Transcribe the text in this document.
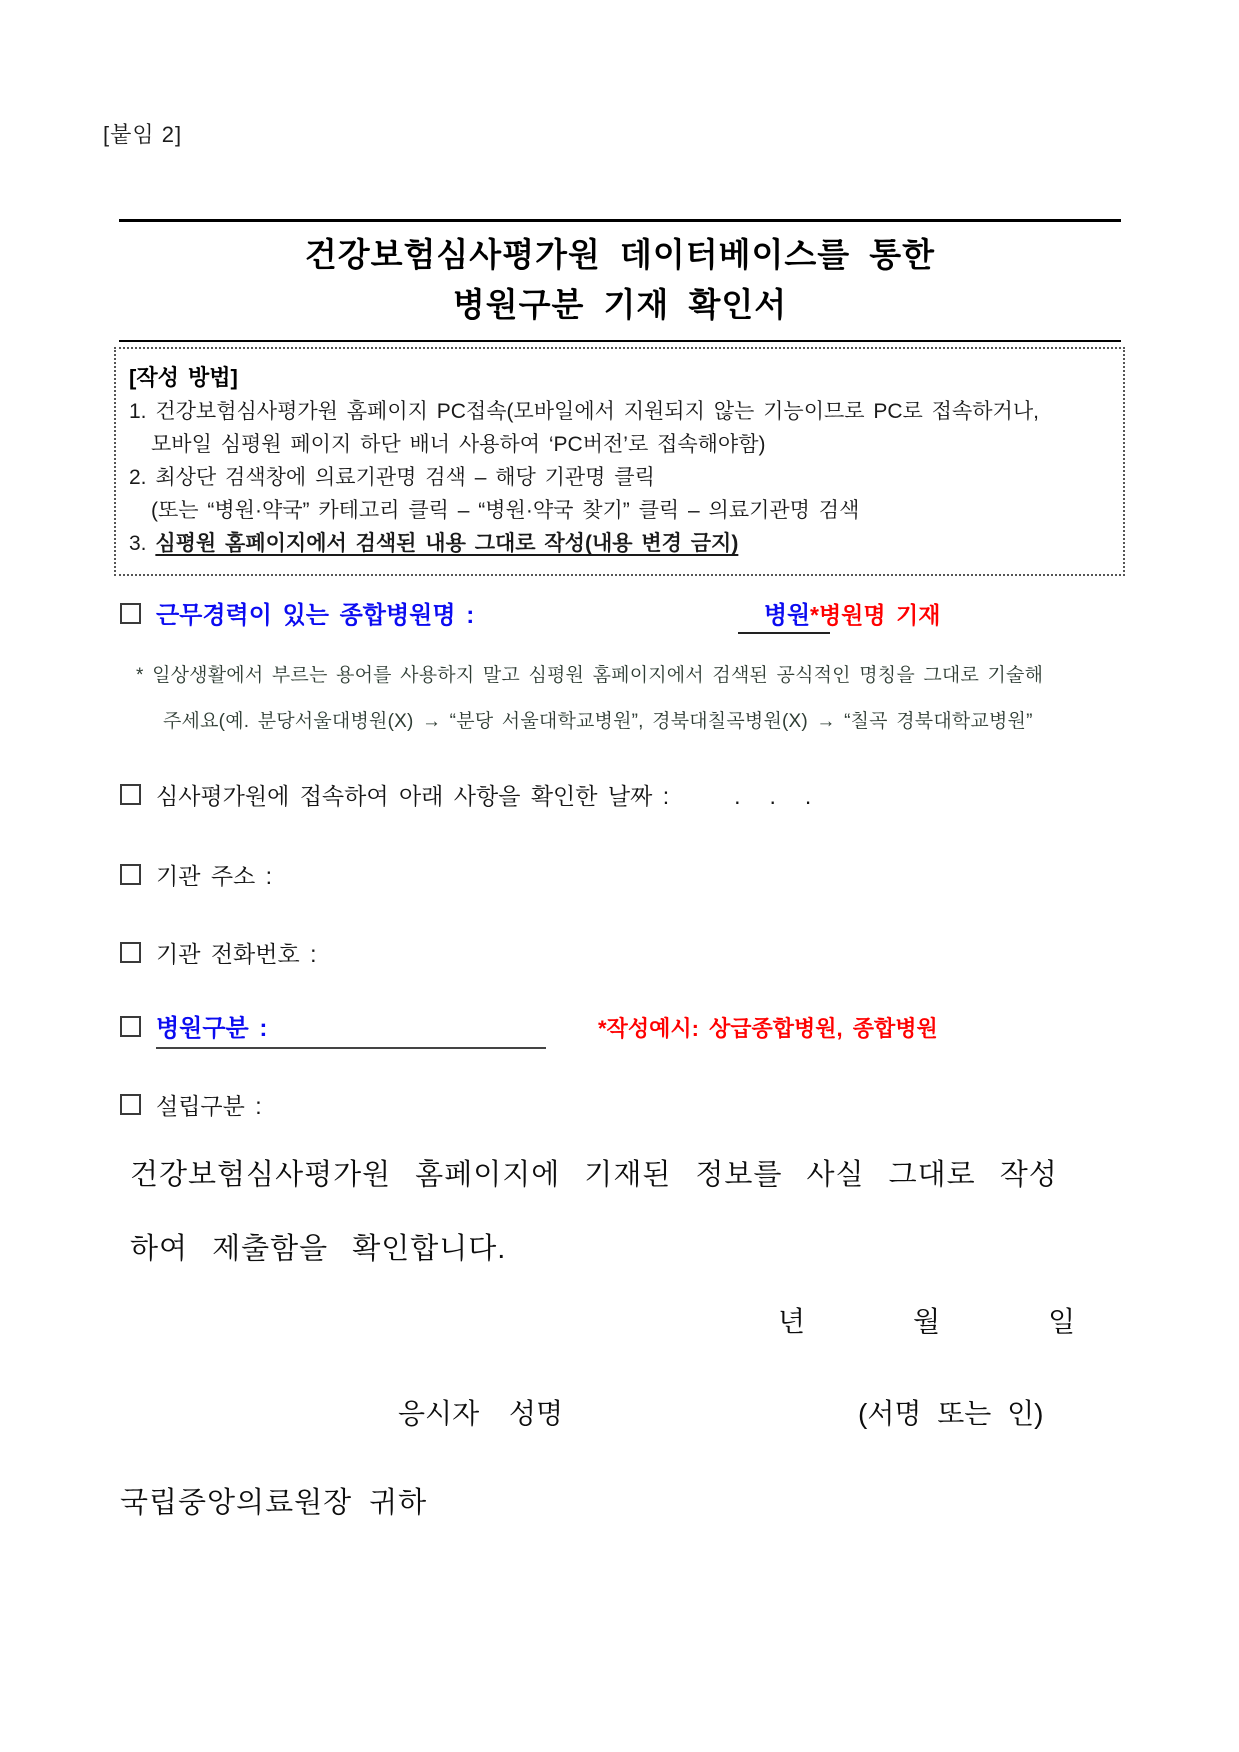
[붙임 2]
건강보험심사평가원 데이터베이스를 통한
병원구분 기재 확인서
[작성 방법]
1. 건강보험심사평가원 홈페이지 PC접속(모바일에서 지원되지 않는 기능이므로 PC로 접속하거나,
모바일 심평원 페이지 하단 배너 사용하여 ‘PC버전’로 접속해야함)
2. 최상단 검색창에 의료기관명 검색 – 해당 기관명 클릭
(또는 “병원·약국” 카테고리 클릭 – “병원·약국 찾기” 클릭 – 의료기관명 검색
3. 심평원 홈페이지에서 검색된 내용 그대로 작성(내용 변경 금지)
근무경력이 있는 종합병원명 :	병원 *병원명 기재
* 일상생활에서 부르는 용어를 사용하지 말고 심평원 홈페이지에서 검색된 공식적인 명칭을 그대로 기술해
주세요(예. 분당서울대병원(X) → “분당 서울대학교병원”, 경북대칠곡병원(X) → “칠곡 경북대학교병원”
심사평가원에 접속하여 아래 사항을 확인한 날짜 : .  .  .
기관 주소 :
기관 전화번호 :
병원구분 :	*작성예시: 상급종합병원, 종합병원
설립구분 :
건강보험심사평가원 홈페이지에 기재된 정보를 사실 그대로 작성
하여 제출함을 확인합니다.
년	월	일
응시자  성명	(서명 또는 인)
국립중앙의료원장 귀하
